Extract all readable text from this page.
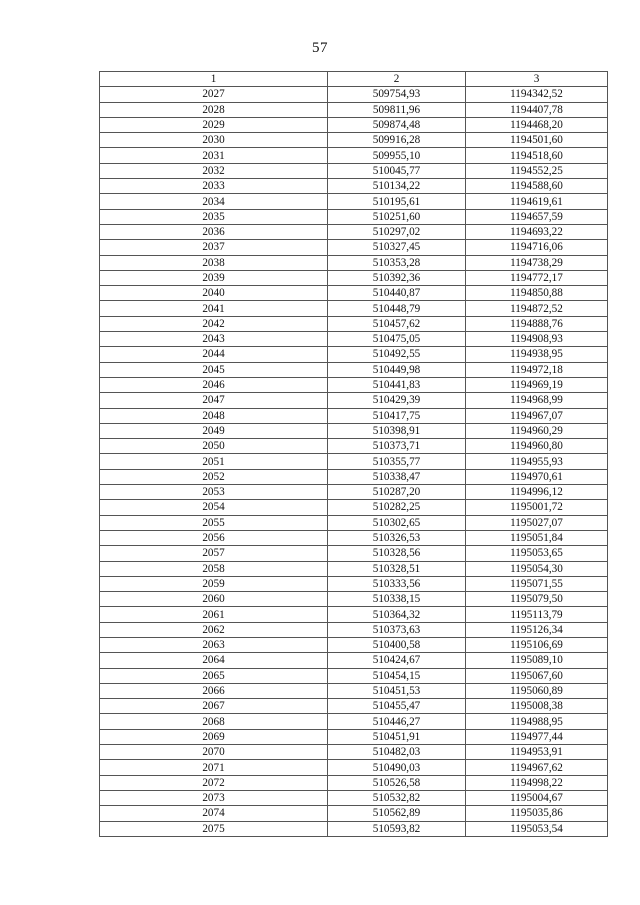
57
1	2	3
2027	509754,93	1194342,52
2028	509811,96	1194407,78
2029	509874,48	1194468,20
2030	509916,28	1194501,60
2031	509955,10	1194518,60
2032	510045,77	1194552,25
2033	510134,22	1194588,60
2034	510195,61	1194619,61
2035	510251,60	1194657,59
2036	510297,02	1194693,22
2037	510327,45	1194716,06
2038	510353,28	1194738,29
2039	510392,36	1194772,17
2040	510440,87	1194850,88
2041	510448,79	1194872,52
2042	510457,62	1194888,76
2043	510475,05	1194908,93
2044	510492,55	1194938,95
2045	510449,98	1194972,18
2046	510441,83	1194969,19
2047	510429,39	1194968,99
2048	510417,75	1194967,07
2049	510398,91	1194960,29
2050	510373,71	1194960,80
2051	510355,77	1194955,93
2052	510338,47	1194970,61
2053	510287,20	1194996,12
2054	510282,25	1195001,72
2055	510302,65	1195027,07
2056	510326,53	1195051,84
2057	510328,56	1195053,65
2058	510328,51	1195054,30
2059	510333,56	1195071,55
2060	510338,15	1195079,50
2061	510364,32	1195113,79
2062	510373,63	1195126,34
2063	510400,58	1195106,69
2064	510424,67	1195089,10
2065	510454,15	1195067,60
2066	510451,53	1195060,89
2067	510455,47	1195008,38
2068	510446,27	1194988,95
2069	510451,91	1194977,44
2070	510482,03	1194953,91
2071	510490,03	1194967,62
2072	510526,58	1194998,22
2073	510532,82	1195004,67
2074	510562,89	1195035,86
2075	510593,82	1195053,54
